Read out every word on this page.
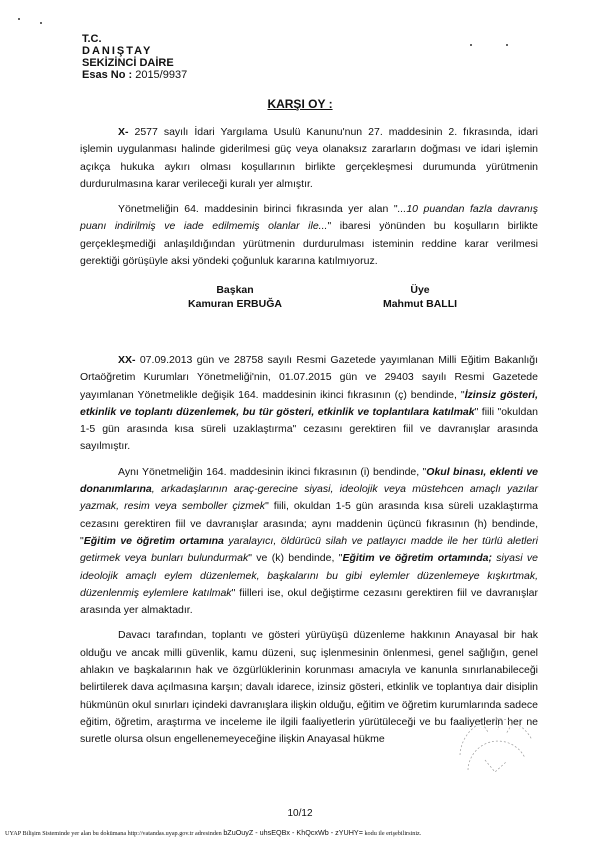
T.C.
DANIŞTAY
SEKİZİNCİ DAİRE
Esas No : 2015/9937
KARŞI OY :

X- 2577 sayılı İdari Yargılama Usulü Kanunu'nun 27. maddesinin 2. fıkrasında, idari işlemin uygulanması halinde giderilmesi güç veya olanaksız zararların doğması ve idari işlemin açıkça hukuka aykırı olması koşullarının birlikte gerçekleşmesi durumunda yürütmenin durdurulmasına karar verileceği kuralı yer almıştır.

Yönetmeliğin 64. maddesinin birinci fıkrasında yer alan "...10 puandan fazla davranış puanı indirilmiş ve iade edilmemiş olanlar ile..." ibaresi yönünden bu koşulların birlikte gerçekleşmediği anlaşıldığından yürütmenin durdurulması isteminin reddine karar verilmesi gerektiği görüşüyle aksi yöndeki çoğunluk kararına katılmıyoruz.

Başkan
Kamuran ERBUĞA
Üye
Mahmut BALLI

XX- 07.09.2013 gün ve 28758 sayılı Resmi Gazetede yayımlanan Milli Eğitim Bakanlığı Ortaöğretim Kurumları Yönetmeliği'nin, 01.07.2015 gün ve 29403 sayılı Resmi Gazetede yayımlanan Yönetmelikle değişik 164. maddesinin ikinci fıkrasının (ç) bendinde, "İzinsiz gösteri, etkinlik ve toplantı düzenlemek, bu tür gösteri, etkinlik ve toplantılara katılmak" fiili "okuldan 1-5 gün arasında kısa süreli uzaklaştırma" cezasını gerektiren fiil ve davranışlar arasında sayılmıştır.

Aynı Yönetmeliğin 164. maddesinin ikinci fıkrasının (i) bendinde, "Okul binası, eklenti ve donanımlarına, arkadaşlarının araç-gerecine siyasi, ideolojik veya müstehcen amaçlı yazılar yazmak, resim veya semboller çizmek" fiili, okuldan 1-5 gün arasında kısa süreli uzaklaştırma cezasını gerektiren fiil ve davranışlar arasında; aynı maddenin üçüncü fıkrasının (h) bendinde, "Eğitim ve öğretim ortamına yaralayıcı, öldürücü silah ve patlayıcı madde ile her türlü aletleri getirmek veya bunları bulundurmak" ve (k) bendinde, "Eğitim ve öğretim ortamında; siyasi ve ideolojik amaçlı eylem düzenlemek, başkalarını bu gibi eylemler düzenlemeye kışkırtmak, düzenlenmiş eylemlere katılmak" fiilleri ise, okul değiştirme cezasını gerektiren fiil ve davranışlar arasında yer almaktadır.

Davacı tarafından, toplantı ve gösteri yürüyüşü düzenleme hakkının Anayasal bir hak olduğu ve ancak milli güvenlik, kamu düzeni, suç işlenmesinin önlenmesi, genel sağlığın, genel ahlakın ve başkalarının hak ve özgürlüklerinin korunması amacıyla ve kanunla sınırlanabileceği belirtilerek dava açılmasına karşın; davalı idarece, izinsiz gösteri, etkinlik ve toplantıya dair disiplin hükmünün okul sınırları içindeki davranışlara ilişkin olduğu, eğitim ve öğretim kurumlarında sadece eğitim, öğretim, araştırma ve inceleme ile ilgili faaliyetlerin yürütüleceği ve bu faaliyetlerin her ne suretle olursa olsun engellenemeyeceğine ilişkin Anayasal hükme

10/12
UYAP Bilişim Sisteminde yer alan bu dokümana http://vatandas.uyap.gov.tr adresinden bZuOuyZ - uhsEQBx - KhQcxWb - zYUHY= kodu ile erişebilirsiniz.
